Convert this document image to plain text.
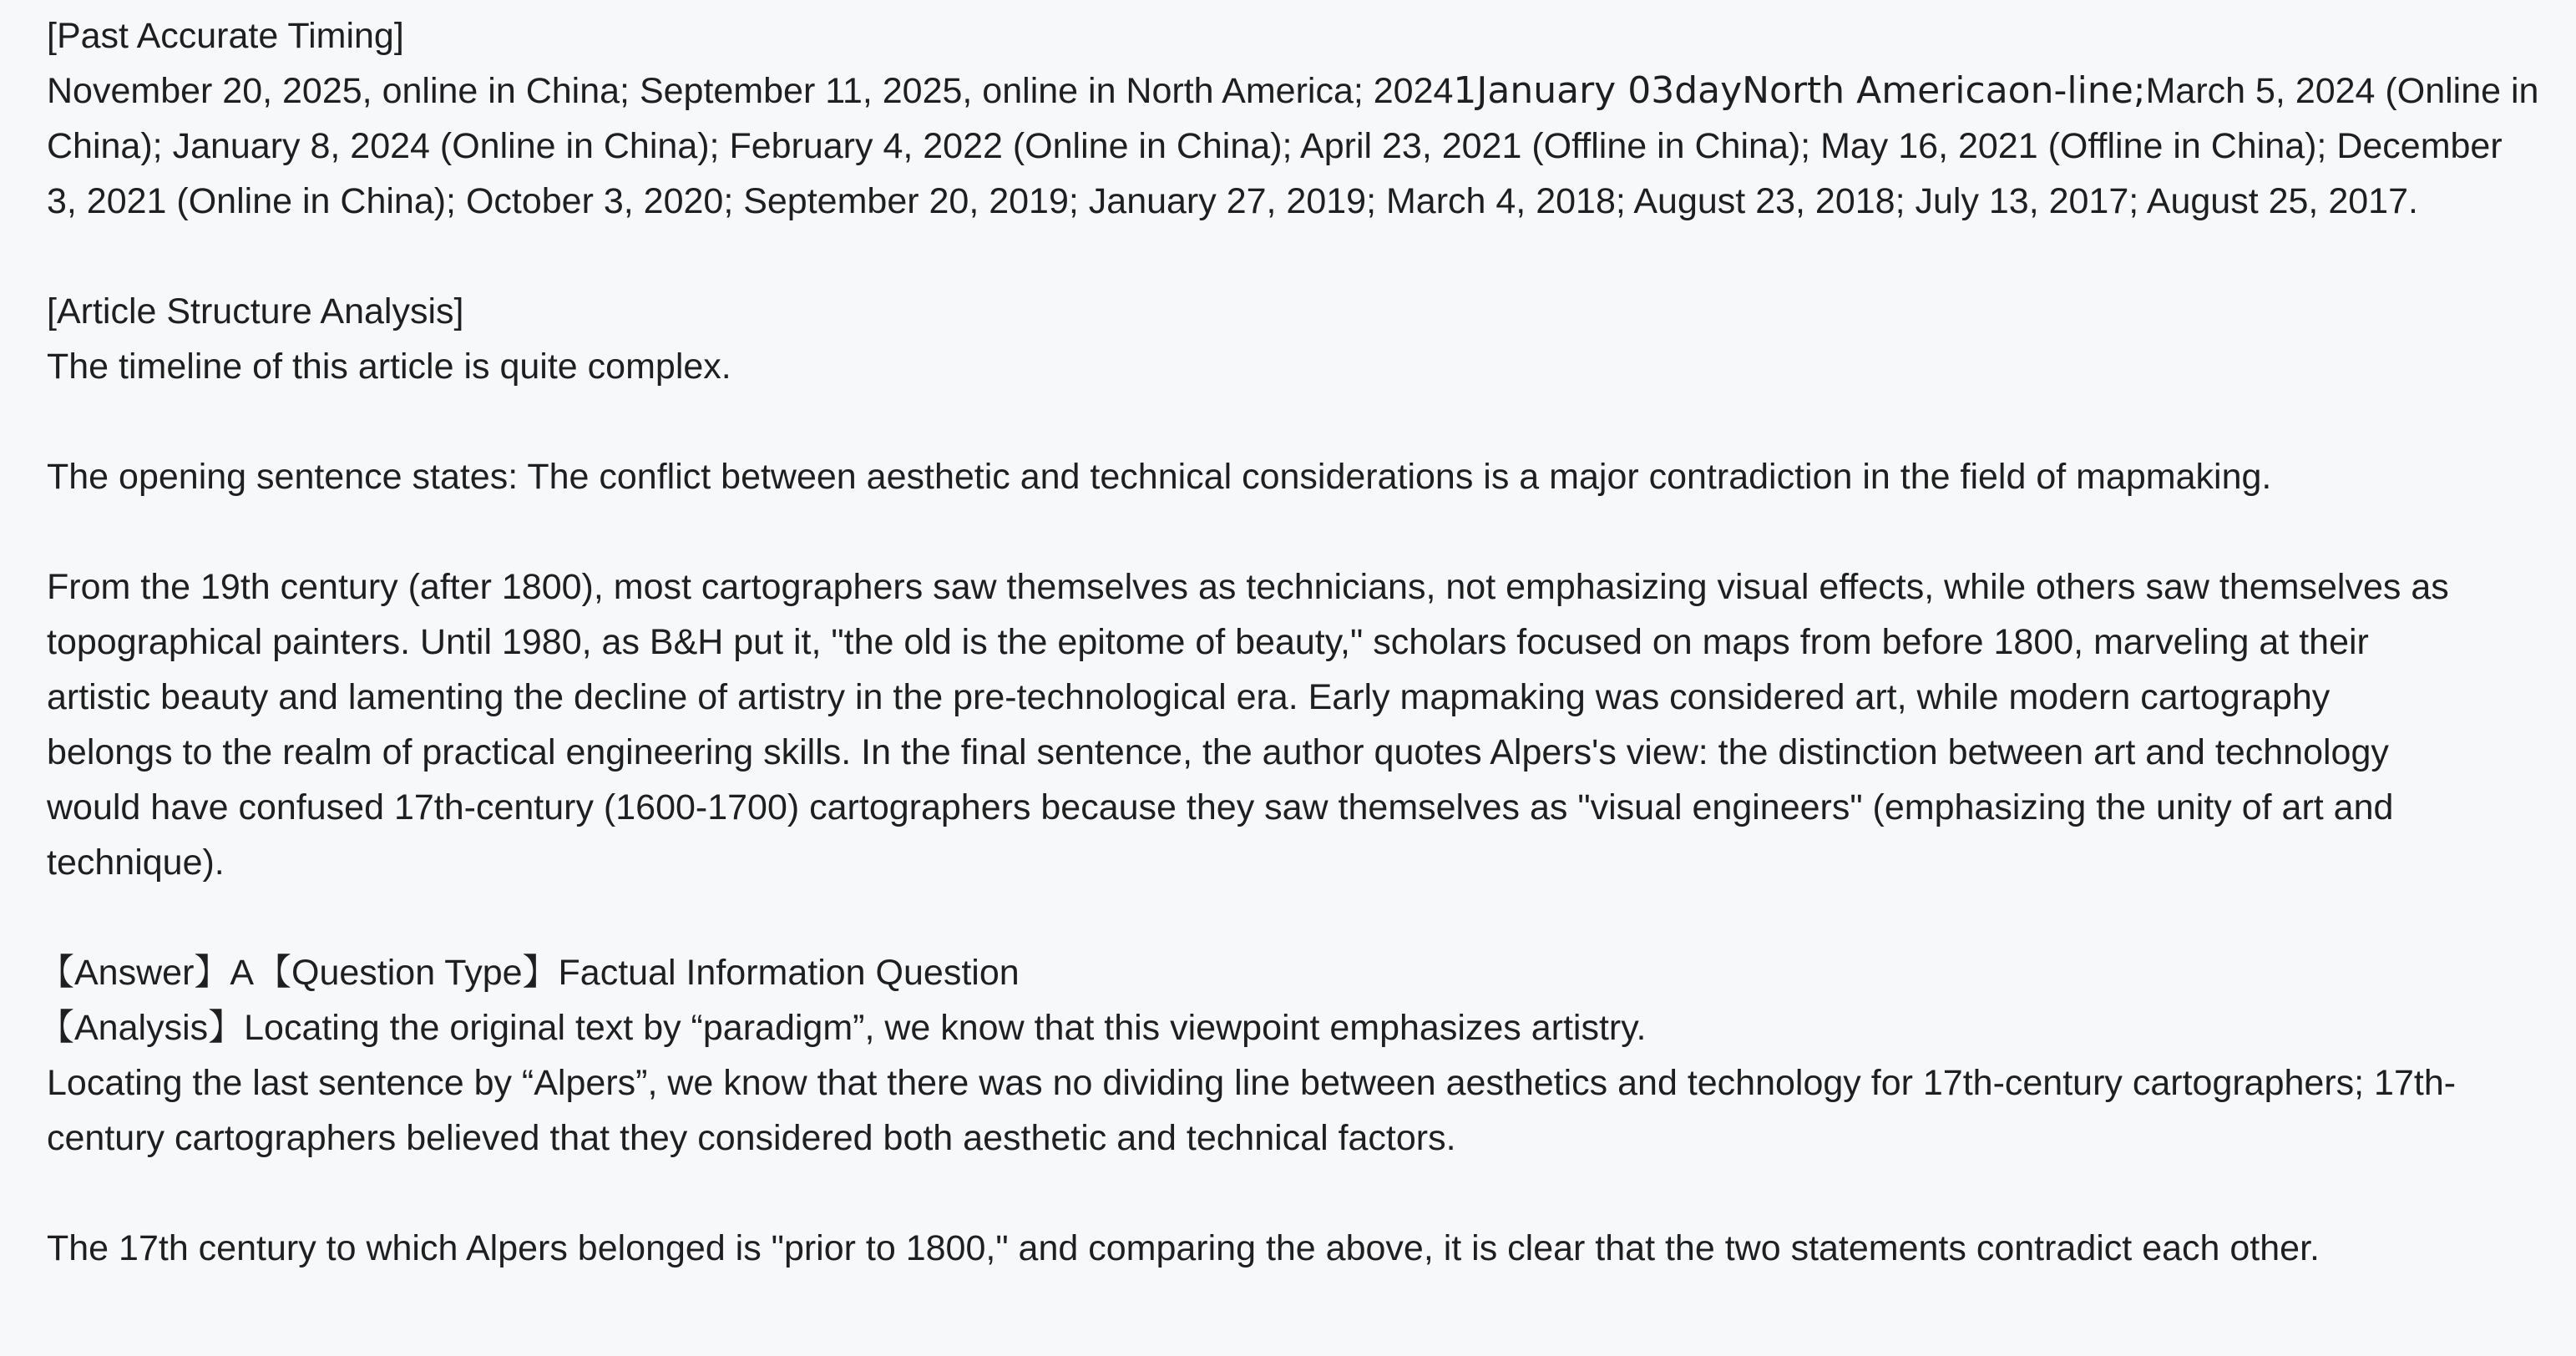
[Past Accurate Timing]
November 20, 2025, online in China; September 11, 2025, online in North America; 20241January 03dayNorth Americaon-line;March 5, 2024 (Online in
China); January 8, 2024 (Online in China); February 4, 2022 (Online in China); April 23, 2021 (Offline in China); May 16, 2021 (Offline in China); December
3, 2021 (Online in China); October 3, 2020; September 20, 2019; January 27, 2019; March 4, 2018; August 23, 2018; July 13, 2017; August 25, 2017.
[Article Structure Analysis]
The timeline of this article is quite complex.
The opening sentence states: The conflict between aesthetic and technical considerations is a major contradiction in the field of mapmaking.
From the 19th century (after 1800), most cartographers saw themselves as technicians, not emphasizing visual effects, while others saw themselves as
topographical painters. Until 1980, as B&H put it, "the old is the epitome of beauty," scholars focused on maps from before 1800, marveling at their
artistic beauty and lamenting the decline of artistry in the pre-technological era. Early mapmaking was considered art, while modern cartography
belongs to the realm of practical engineering skills. In the final sentence, the author quotes Alpers's view: the distinction between art and technology
would have confused 17th-century (1600-1700) cartographers because they saw themselves as "visual engineers" (emphasizing the unity of art and
technique).
【Answer】A 【Question Type】Factual Information Question 【Analysis】Locating the original text by “paradigm”, we know that this viewpoint emphasizes artistry.
Locating the last sentence by “Alpers”, we know that there was no dividing line between aesthetics and technology for 17th-century cartographers; 17th-
century cartographers believed that they considered both aesthetic and technical factors.
The 17th century to which Alpers belonged is "prior to 1800," and comparing the above, it is clear that the two statements contradict each other.
